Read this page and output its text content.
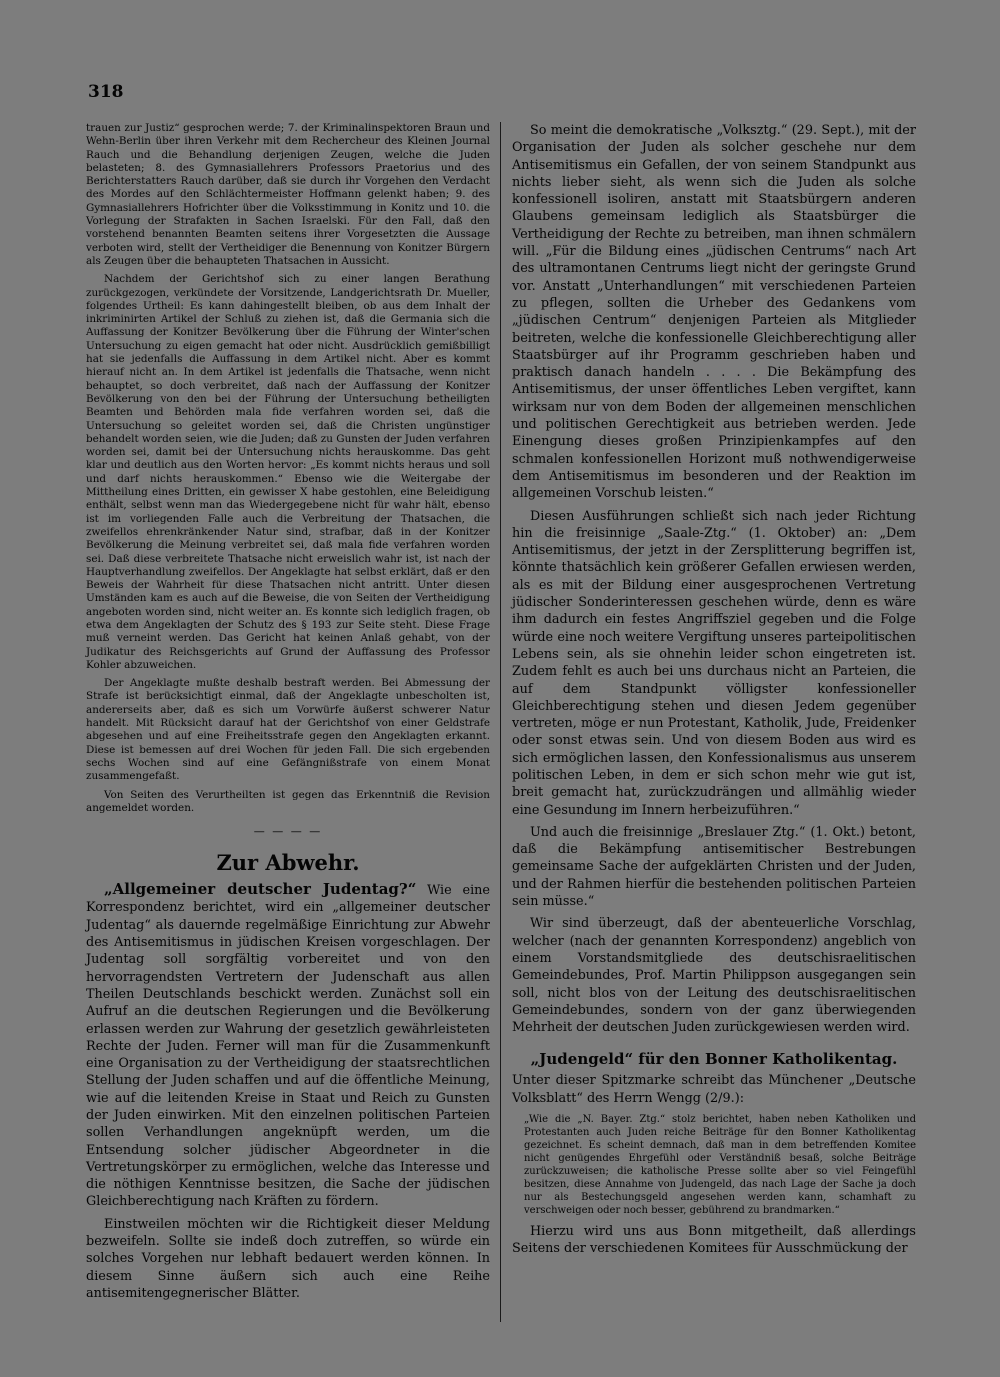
318

trauen zur Justiz“ gesprochen werde; 7. der Kriminalinspektoren Braun und Wehn-Berlin über ihren Verkehr mit dem Rechercheur des Kleinen Journal Rauch und die Behandlung derjenigen Zeugen, welche die Juden belasteten; 8. des Gymnasiallehrers Professors Praetorius und des Berichterstatters Rauch darüber, daß sie durch ihr Vorgehen den Verdacht des Mordes auf den Schlächtermeister Hoffmann gelenkt haben; 9. des Gymnasiallehrers Hofrichter über die Volksstimmung in Konitz und 10. die Vorlegung der Strafakten in Sachen Israelski. Für den Fall, daß den vorstehend benannten Beamten seitens ihrer Vorgesetzten die Aussage verboten wird, stellt der Vertheidiger die Benennung von Konitzer Bürgern als Zeugen über die behaupteten Thatsachen in Aussicht.

Nachdem der Gerichtshof sich zu einer langen Berathung zurückgezogen, verkündete der Vorsitzende, Landgerichtsrath Dr. Mueller, folgendes Urtheil: Es kann dahingestellt bleiben, ob aus dem Inhalt der inkriminirten Artikel der Schluß zu ziehen ist, daß die Germania sich die Auffassung der Konitzer Bevölkerung über die Führung der Winter'schen Untersuchung zu eigen gemacht hat oder nicht. Ausdrücklich gemißbilligt hat sie jedenfalls die Auffassung in dem Artikel nicht. Aber es kommt hierauf nicht an. In dem Artikel ist jedenfalls die Thatsache, wenn nicht behauptet, so doch verbreitet, daß nach der Auffassung der Konitzer Bevölkerung von den bei der Führung der Untersuchung betheiligten Beamten und Behörden mala fide verfahren worden sei, daß die Untersuchung so geleitet worden sei, daß die Christen ungünstiger behandelt worden seien, wie die Juden; daß zu Gunsten der Juden verfahren worden sei, damit bei der Untersuchung nichts herauskomme. Das geht klar und deutlich aus den Worten hervor: „Es kommt nichts heraus und soll und darf nichts herauskommen.“ Ebenso wie die Weitergabe der Mittheilung eines Dritten, ein gewisser X habe gestohlen, eine Beleidigung enthält, selbst wenn man das Wiedergegebene nicht für wahr hält, ebenso ist im vorliegenden Falle auch die Verbreitung der Thatsachen, die zweifellos ehrenkränkender Natur sind, strafbar, daß in der Konitzer Bevölkerung die Meinung verbreitet sei, daß mala fide verfahren worden sei. Daß diese verbreitete Thatsache nicht erweislich wahr ist, ist nach der Hauptverhandlung zweifellos. Der Angeklagte hat selbst erklärt, daß er den Beweis der Wahrheit für diese Thatsachen nicht antritt. Unter diesen Umständen kam es auch auf die Beweise, die von Seiten der Vertheidigung angeboten worden sind, nicht weiter an. Es konnte sich lediglich fragen, ob etwa dem Angeklagten der Schutz des § 193 zur Seite steht. Diese Frage muß verneint werden. Das Gericht hat keinen Anlaß gehabt, von der Judikatur des Reichsgerichts auf Grund der Auffassung des Professor Kohler abzuweichen.

Der Angeklagte mußte deshalb bestraft werden. Bei Abmessung der Strafe ist berücksichtigt einmal, daß der Angeklagte unbescholten ist, andererseits aber, daß es sich um Vorwürfe äußerst schwerer Natur handelt. Mit Rücksicht darauf hat der Gerichtshof von einer Geldstrafe abgesehen und auf eine Freiheitsstrafe gegen den Angeklagten erkannt. Diese ist bemessen auf drei Wochen für jeden Fall. Die sich ergebenden sechs Wochen sind auf eine Gefängnißstrafe von einem Monat zusammengefaßt.

Von Seiten des Verurtheilten ist gegen das Erkenntniß die Revision angemeldet worden.

— — — —
Zur Abwehr.

„Allgemeiner deutscher Judentag?“ Wie eine Korrespondenz berichtet, wird ein „allgemeiner deutscher Judentag“ als dauernde regelmäßige Einrichtung zur Abwehr des Antisemitismus in jüdischen Kreisen vorgeschlagen. Der Judentag soll sorgfältig vorbereitet und von den hervorragendsten Vertretern der Judenschaft aus allen Theilen Deutschlands beschickt werden. Zunächst soll ein Aufruf an die deutschen Regierungen und die Bevölkerung erlassen werden zur Wahrung der gesetzlich gewährleisteten Rechte der Juden. Ferner will man für die Zusammenkunft eine Organisation zu der Vertheidigung der staatsrechtlichen Stellung der Juden schaffen und auf die öffentliche Meinung, wie auf die leitenden Kreise in Staat und Reich zu Gunsten der Juden einwirken. Mit den einzelnen politischen Parteien sollen Verhandlungen angeknüpft werden, um die Entsendung solcher jüdischer Abgeordneter in die Vertretungskörper zu ermöglichen, welche das Interesse und die nöthigen Kenntnisse besitzen, die Sache der jüdischen Gleichberechtigung nach Kräften zu fördern.

Einstweilen möchten wir die Richtigkeit dieser Meldung bezweifeln. Sollte sie indeß doch zutreffen, so würde ein solches Vorgehen nur lebhaft bedauert werden können. In diesem Sinne äußern sich auch eine Reihe antisemitengegnerischer Blätter.

So meint die demokratische „Volksztg.“ (29. Sept.), mit der Organisation der Juden als solcher geschehe nur dem Antisemitismus ein Gefallen, der von seinem Standpunkt aus nichts lieber sieht, als wenn sich die Juden als solche konfessionell isoliren, anstatt mit Staatsbürgern anderen Glaubens gemeinsam lediglich als Staatsbürger die Vertheidigung der Rechte zu betreiben, man ihnen schmälern will. „Für die Bildung eines „jüdischen Centrums“ nach Art des ultramontanen Centrums liegt nicht der geringste Grund vor. Anstatt „Unterhandlungen“ mit verschiedenen Parteien zu pflegen, sollten die Urheber des Gedankens vom „jüdischen Centrum“ denjenigen Parteien als Mitglieder beitreten, welche die konfessionelle Gleichberechtigung aller Staatsbürger auf ihr Programm geschrieben haben und praktisch danach handeln . . . . Die Bekämpfung des Antisemitismus, der unser öffentliches Leben vergiftet, kann wirksam nur von dem Boden der allgemeinen menschlichen und politischen Gerechtigkeit aus betrieben werden. Jede Einengung dieses großen Prinzipienkampfes auf den schmalen konfessionellen Horizont muß nothwendigerweise dem Antisemitismus im besonderen und der Reaktion im allgemeinen Vorschub leisten.“

Diesen Ausführungen schließt sich nach jeder Richtung hin die freisinnige „Saale-Ztg.“ (1. Oktober) an: „Dem Antisemitismus, der jetzt in der Zersplitterung begriffen ist, könnte thatsächlich kein größerer Gefallen erwiesen werden, als es mit der Bildung einer ausgesprochenen Vertretung jüdischer Sonderinteressen geschehen würde, denn es wäre ihm dadurch ein festes Angriffsziel gegeben und die Folge würde eine noch weitere Vergiftung unseres parteipolitischen Lebens sein, als sie ohnehin leider schon eingetreten ist. Zudem fehlt es auch bei uns durchaus nicht an Parteien, die auf dem Standpunkt völligster konfessioneller Gleichberechtigung stehen und diesen Jedem gegenüber vertreten, möge er nun Protestant, Katholik, Jude, Freidenker oder sonst etwas sein. Und von diesem Boden aus wird es sich ermöglichen lassen, den Konfessionalismus aus unserem politischen Leben, in dem er sich schon mehr wie gut ist, breit gemacht hat, zurückzudrängen und allmählig wieder eine Gesundung im Innern herbeizuführen.“

Und auch die freisinnige „Breslauer Ztg.“ (1. Okt.) betont, daß die Bekämpfung antisemitischer Bestrebungen gemeinsame Sache der aufgeklärten Christen und der Juden, und der Rahmen hierfür die bestehenden politischen Parteien sein müsse.“

Wir sind überzeugt, daß der abenteuerliche Vorschlag, welcher (nach der genannten Korrespondenz) angeblich von einem Vorstandsmitgliede des deutschisraelitischen Gemeindebundes, Prof. Martin Philippson ausgegangen sein soll, nicht blos von der Leitung des deutschisraelitischen Gemeindebundes, sondern von der ganz überwiegenden Mehrheit der deutschen Juden zurückgewiesen werden wird.

„Judengeld“ für den Bonner Katholikentag.

Unter dieser Spitzmarke schreibt das Münchener „Deutsche Volksblatt“ des Herrn Wengg (2/9.):

„Wie die „N. Bayer. Ztg.“ stolz berichtet, haben neben Katholiken und Protestanten auch Juden reiche Beiträge für den Bonner Katholikentag gezeichnet. Es scheint demnach, daß man in dem betreffenden Komitee nicht genügendes Ehrgefühl oder Verständniß besaß, solche Beiträge zurückzuweisen; die katholische Presse sollte aber so viel Feingefühl besitzen, diese Annahme von Judengeld, das nach Lage der Sache ja doch nur als Bestechungsgeld angesehen werden kann, schamhaft zu verschweigen oder noch besser, gebührend zu brandmarken.“

Hierzu wird uns aus Bonn mitgetheilt, daß allerdings Seitens der verschiedenen Komitees für Ausschmückung der
